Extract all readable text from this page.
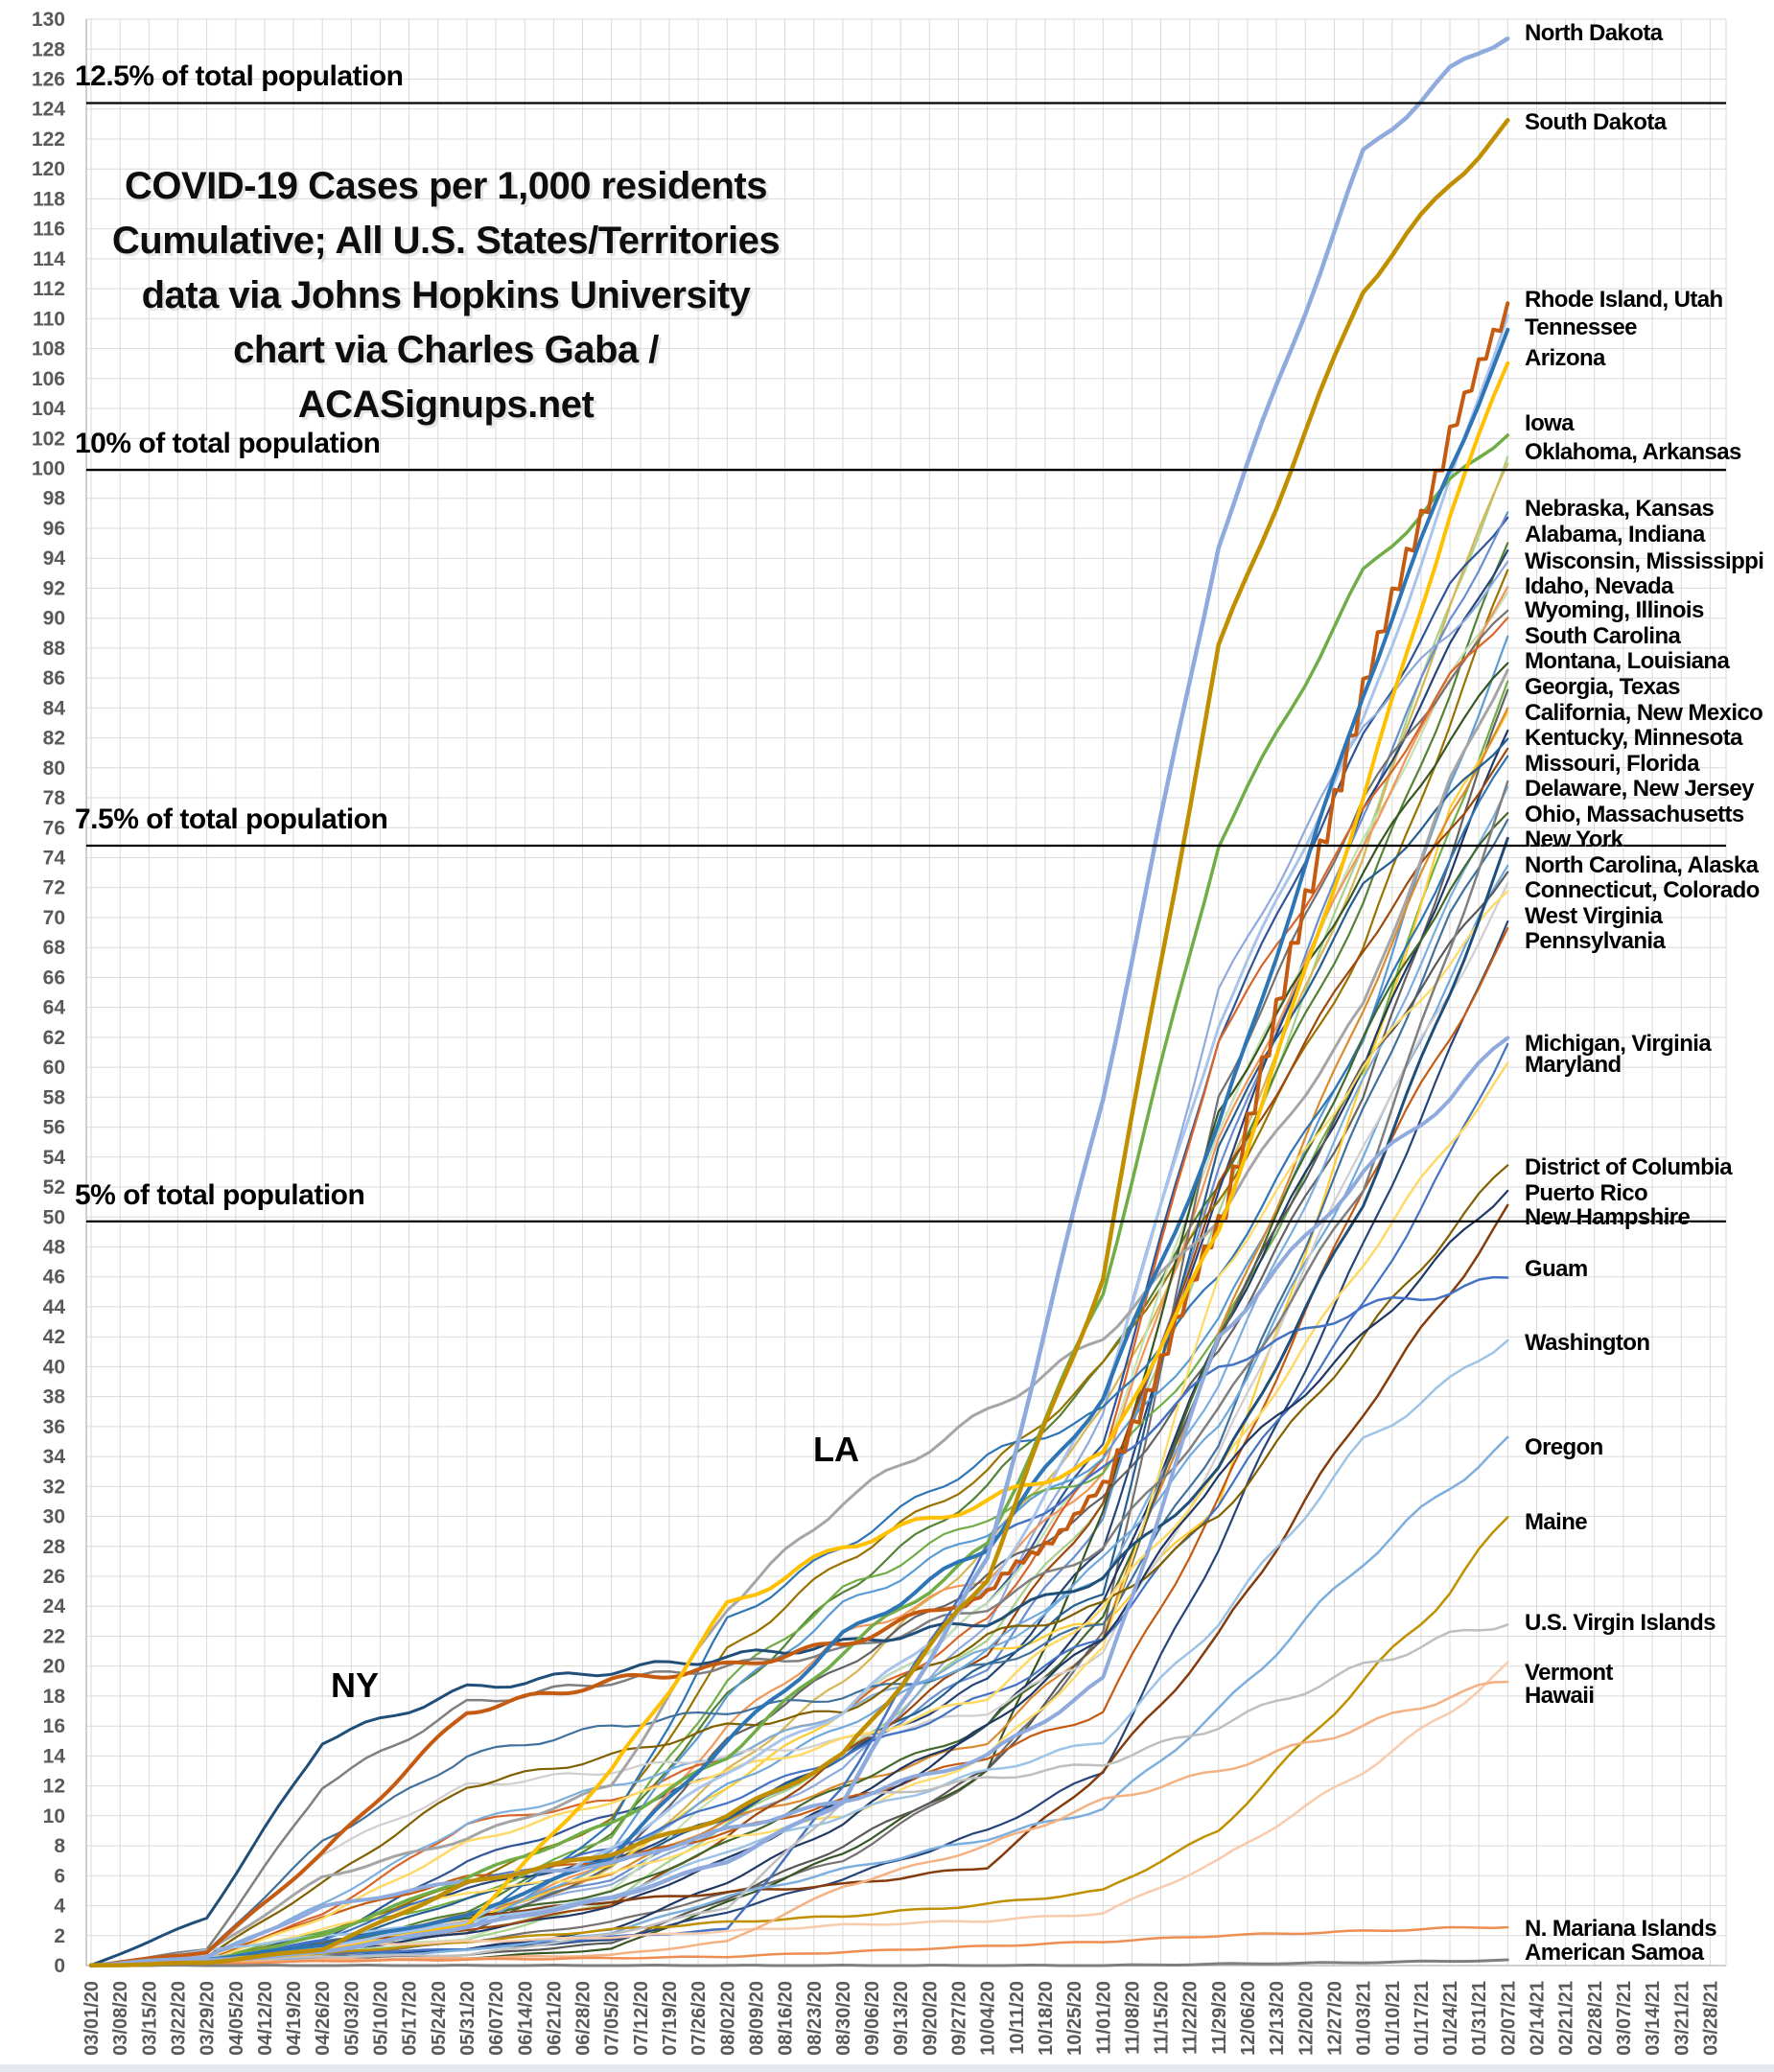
0
2
4
6
8
10
12
14
16
18
20
22
24
26
28
30
32
34
36
38
40
42
44
46
48
50
52
54
56
58
60
62
64
66
68
70
72
74
76
78
80
82
84
86
88
90
92
94
96
98
100
102
104
106
108
110
112
114
116
118
120
122
124
126
128
130
03/01/20 03/08/20 03/15/20 03/22/20 03/29/20 04/05/20 04/12/20 04/19/20 04/26/20 05/03/20 05/10/20 05/17/20 05/24/20 05/31/20 06/07/20 06/14/20 06/21/20 06/28/20 07/05/20 07/12/20 07/19/20 07/26/20 08/02/20 08/09/20 08/16/20 08/23/20 08/30/20 09/06/20 09/13/20 09/20/20 09/27/20 10/04/20 10/11/20 10/18/20 10/25/20 11/01/20 11/08/20 11/15/20 11/22/20 11/29/20 12/06/20 12/13/20 12/20/20 12/27/20 01/03/21 01/10/21 01/17/21 01/24/21 01/31/21 02/07/21 02/14/21 02/21/21 02/28/21 03/07/21 03/14/21 03/21/21 03/28/21
COVID-19 Cases per 1,000 residents
Cumulative; All U.S. States/Territories
data via Johns Hopkins University
chart via Charles Gaba / ACASignups.net
12.5% of total population
10% of total population
7.5% of total population
5% of total population
NY
LA
North Dakota
South Dakota
Rhode Island, Utah
Tennessee
Arizona
Iowa
Oklahoma, Arkansas
Nebraska, Kansas
Alabama, Indiana
Wisconsin, Mississippi
Idaho, Nevada
Wyoming, Illinois
South Carolina
Montana, Louisiana
Georgia, Texas
California, New Mexico
Kentucky, Minnesota
Missouri, Florida
Delaware, New Jersey
Ohio, Massachusetts
New York
North Carolina, Alaska
Connecticut, Colorado
West Virginia
Pennsylvania
Michigan, Virginia
Maryland
District of Columbia
Puerto Rico
New Hampshire
Guam
Washington
Oregon
Maine
U.S. Virgin Islands
Vermont
Hawaii
N. Mariana Islands
American Samoa
